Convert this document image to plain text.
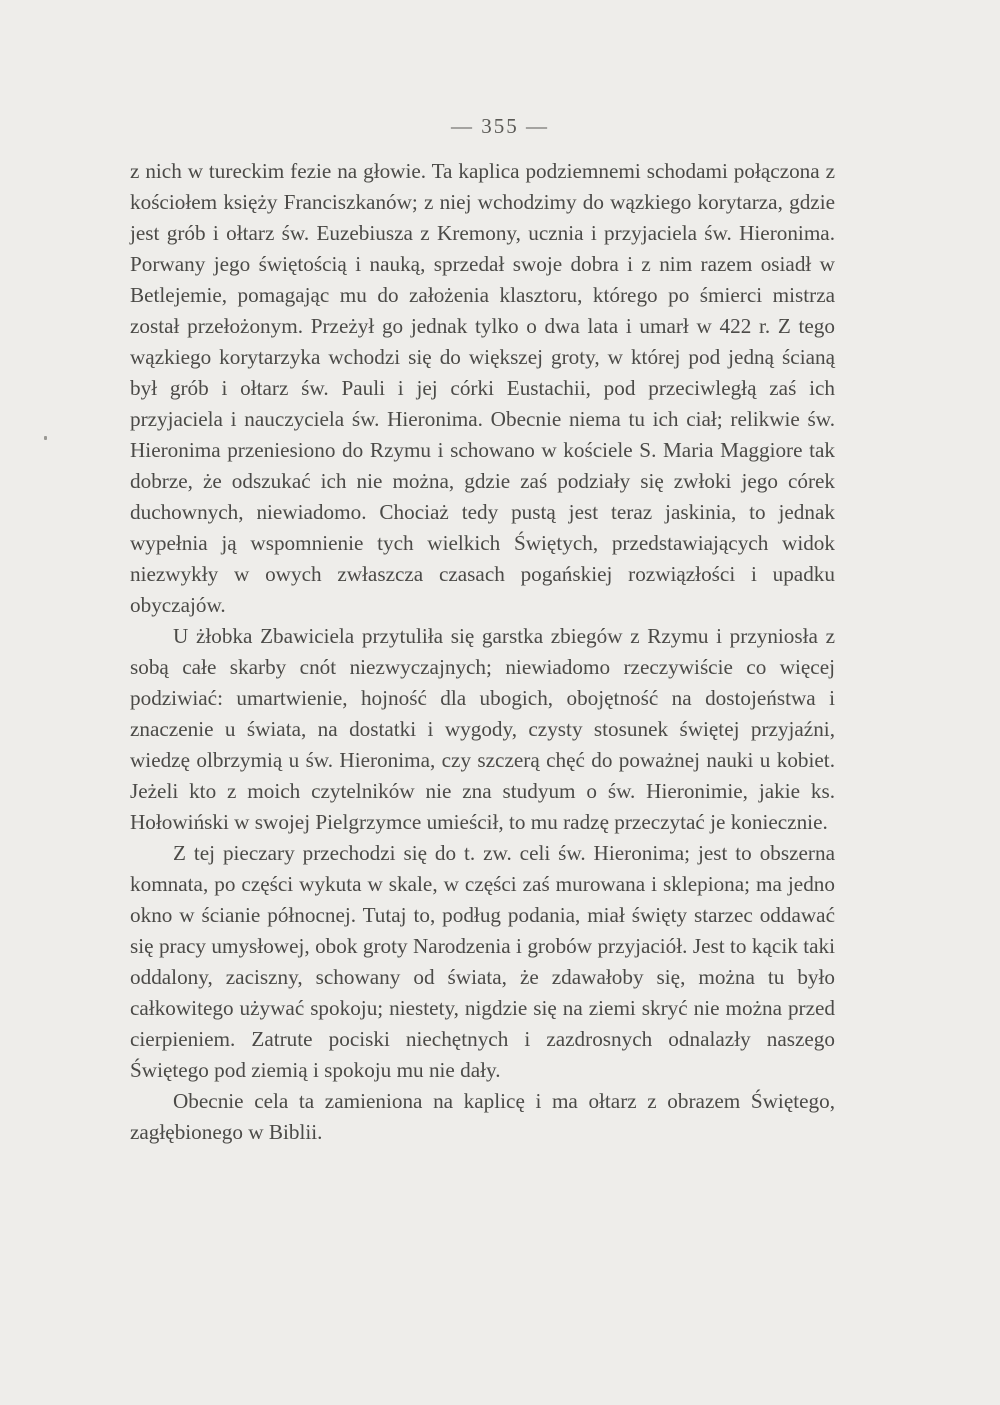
— 355 —

z nich w tureckim fezie na głowie. Ta kaplica podziemnemi schodami połączona z kościołem księży Franciszkanów; z niej wchodzimy do wązkiego korytarza, gdzie jest grób i ołtarz św. Euzebiusza z Kremony, ucznia i przyjaciela św. Hieronima. Porwany jego świętością i nauką, sprzedał swoje dobra i z nim razem osiadł w Betlejemie, pomagając mu do założenia klasztoru, którego po śmierci mistrza został przełożonym. Przeżył go jednak tylko o dwa lata i umarł w 422 r. Z tego wązkiego korytarzyka wchodzi się do większej groty, w której pod jedną ścianą był grób i ołtarz św. Pauli i jej córki Eustachii, pod przeciwległą zaś ich przyjaciela i nauczyciela św. Hieronima. Obecnie niema tu ich ciał; relikwie św. Hieronima przeniesiono do Rzymu i schowano w kościele S. Maria Maggiore tak dobrze, że odszukać ich nie można, gdzie zaś podziały się zwłoki jego córek duchownych, niewiadomo. Chociaż tedy pustą jest teraz jaskinia, to jednak wypełnia ją wspomnienie tych wielkich Świętych, przedstawiających widok niezwykły w owych zwłaszcza czasach pogańskiej rozwiązłości i upadku obyczajów.

U żłobka Zbawiciela przytuliła się garstka zbiegów z Rzymu i przyniosła z sobą całe skarby cnót niezwyczajnych; niewiadomo rzeczywiście co więcej podziwiać: umartwienie, hojność dla ubogich, obojętność na dostojeństwa i znaczenie u świata, na dostatki i wygody, czysty stosunek świętej przyjaźni, wiedzę olbrzymią u św. Hieronima, czy szczerą chęć do poważnej nauki u kobiet. Jeżeli kto z moich czytelników nie zna studyum o św. Hieronimie, jakie ks. Hołowiński w swojej Pielgrzymce umieścił, to mu radzę przeczytać je koniecznie.

Z tej pieczary przechodzi się do t. zw. celi św. Hieronima; jest to obszerna komnata, po części wykuta w skale, w części zaś murowana i sklepiona; ma jedno okno w ścianie północnej. Tutaj to, podług podania, miał święty starzec oddawać się pracy umysłowej, obok groty Narodzenia i grobów przyjaciół. Jest to kącik taki oddalony, zaciszny, schowany od świata, że zdawałoby się, można tu było całkowitego używać spokoju; niestety, nigdzie się na ziemi skryć nie można przed cierpieniem. Zatrute pociski niechętnych i zazdrosnych odnalazły naszego Świętego pod ziemią i spokoju mu nie dały.

Obecnie cela ta zamieniona na kaplicę i ma ołtarz z obrazem Świętego, zagłębionego w Biblii.
